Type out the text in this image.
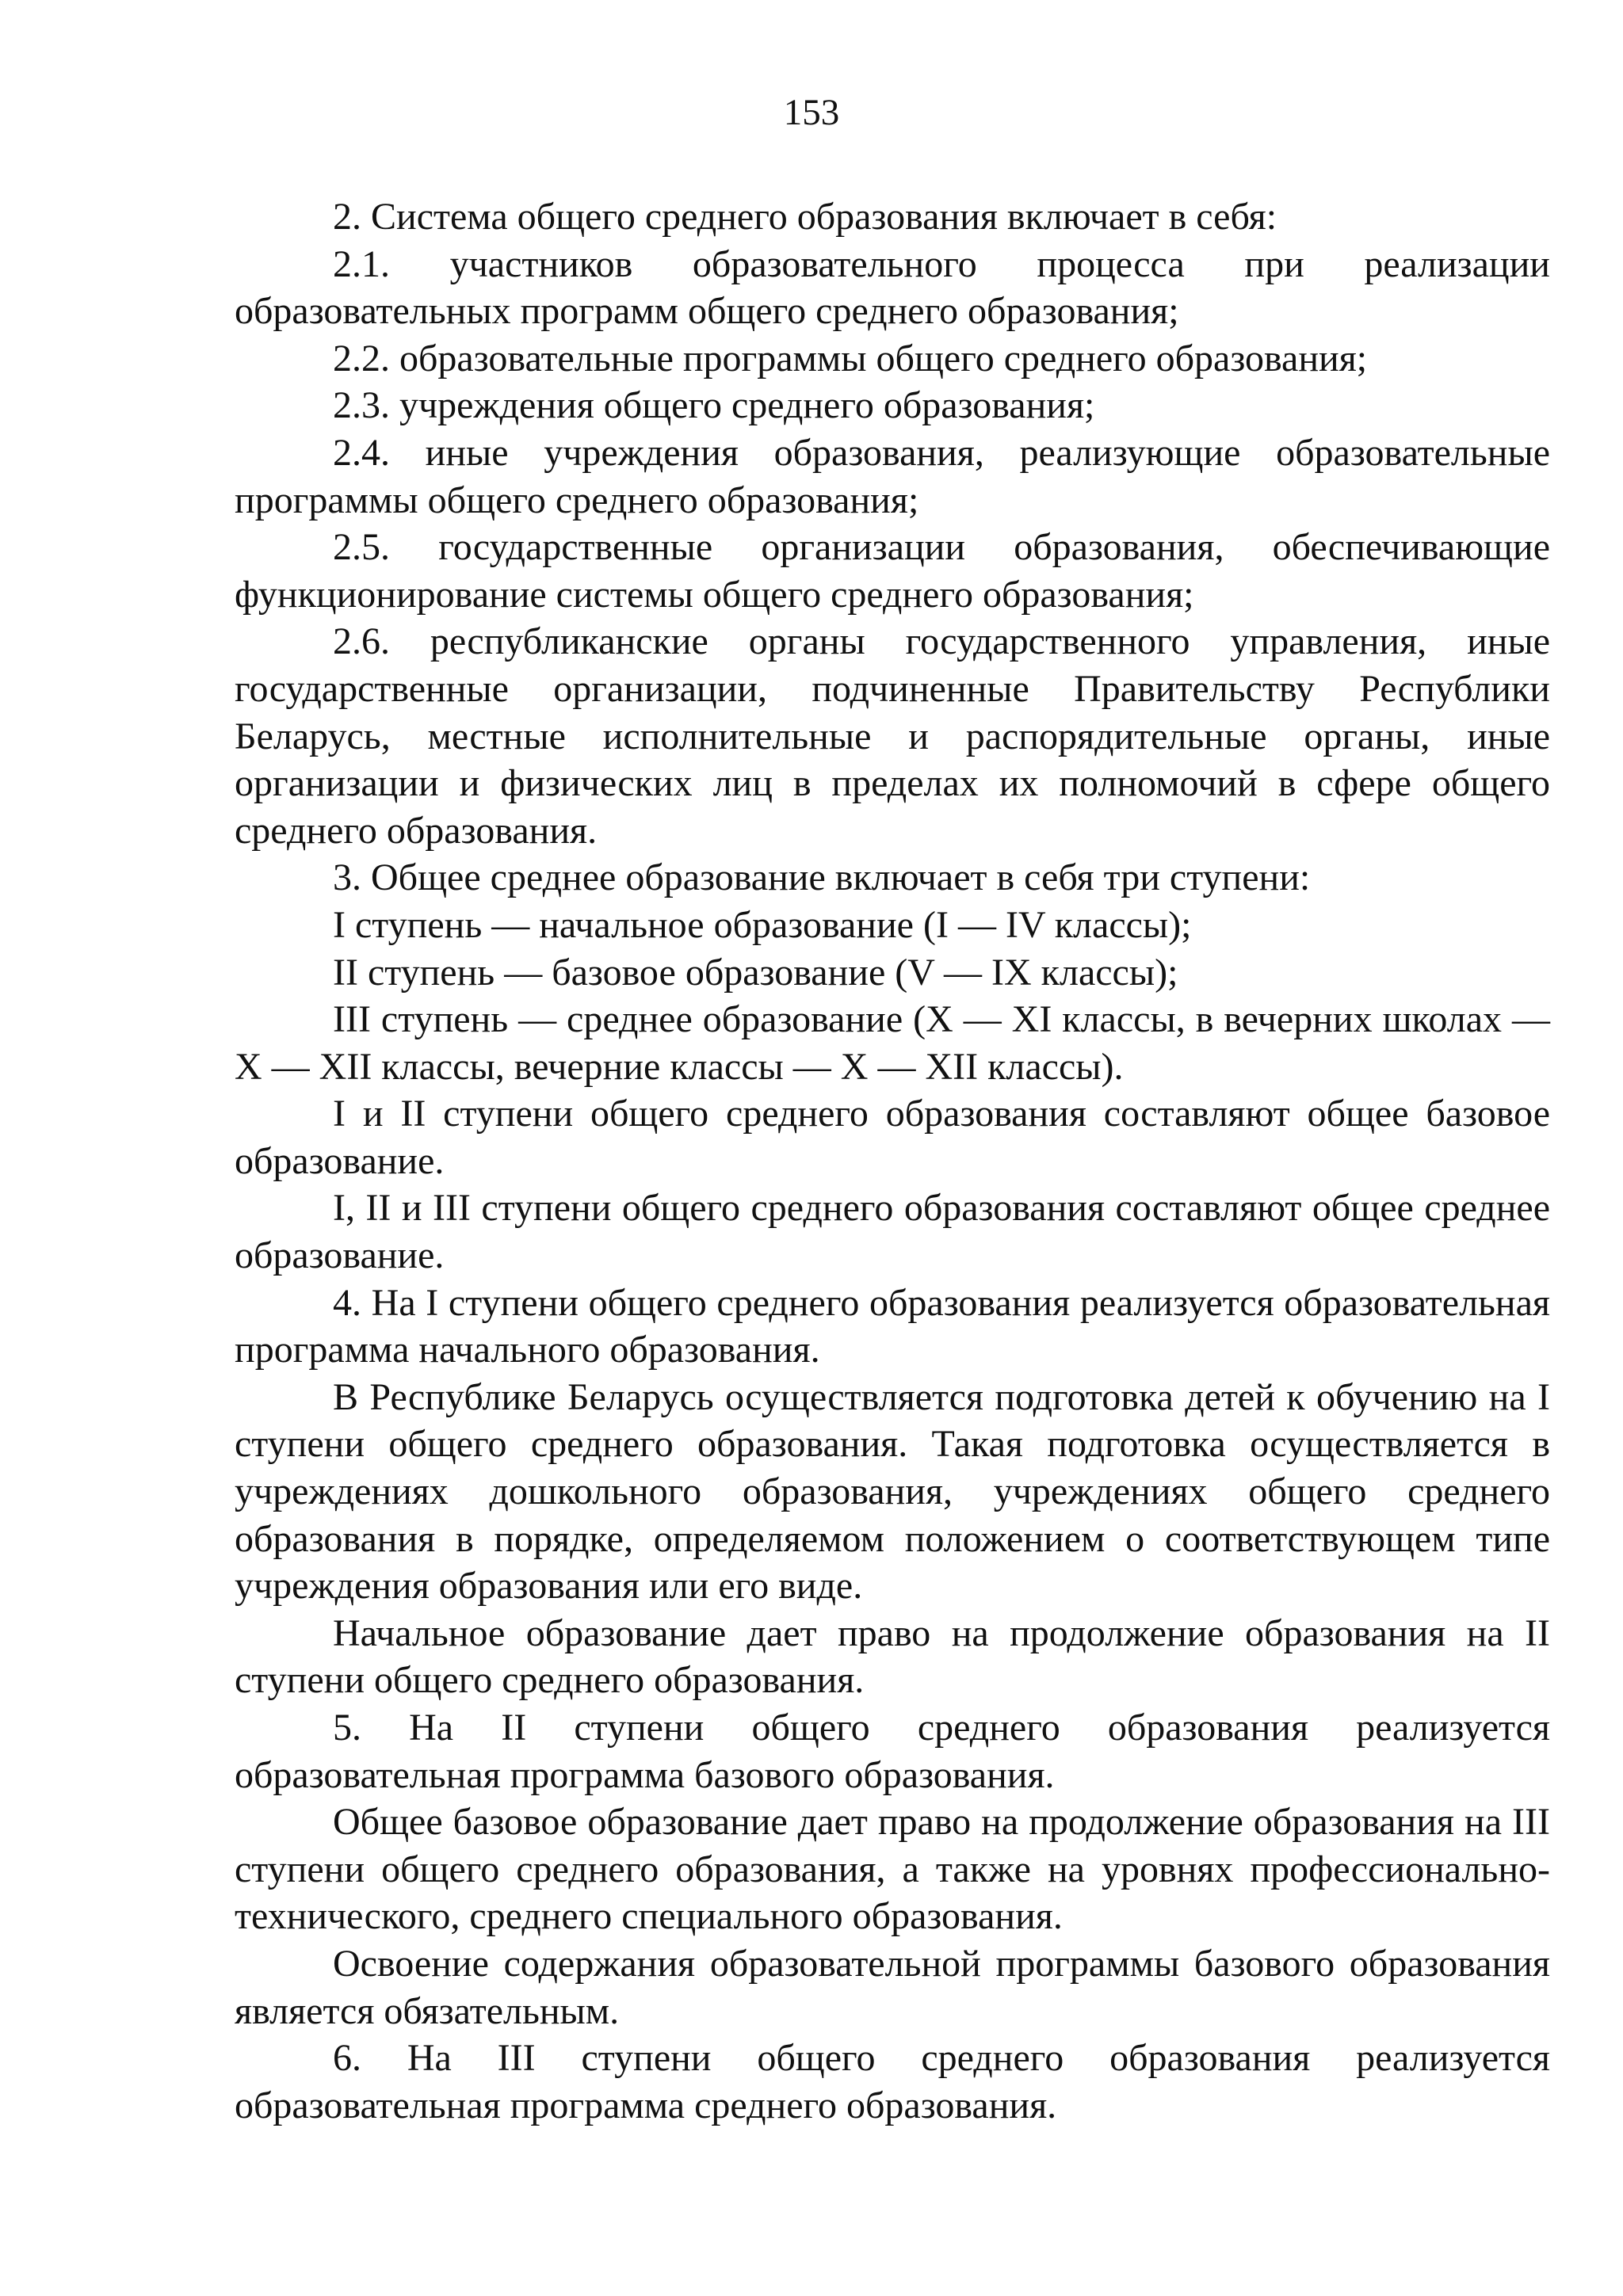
153

2. Система общего среднего образования включает в себя:

2.1. участников образовательного процесса при реализации образовательных программ общего среднего образования;

2.2. образовательные программы общего среднего образования;

2.3. учреждения общего среднего образования;

2.4. иные учреждения образования, реализующие образовательные программы общего среднего образования;

2.5. государственные организации образования, обеспечивающие функционирование системы общего среднего образования;

2.6. республиканские органы государственного управления, иные государственные организации, подчиненные Правительству Республики Беларусь, местные исполнительные и распорядительные органы, иные организации и физических лиц в пределах их полномочий в сфере общего среднего образования.

3. Общее среднее образование включает в себя три ступени:

I ступень — начальное образование (I — IV классы);

II ступень — базовое образование (V — IX классы);

III ступень — среднее образование (X — XI классы, в вечерних школах — X — XII классы, вечерние классы — X — XII классы).

I и II ступени общего среднего образования составляют общее базовое образование.

I, II и III ступени общего среднего образования составляют общее среднее образование.

4. На I ступени общего среднего образования реализуется образовательная программа начального образования.

В Республике Беларусь осуществляется подготовка детей к обучению на I ступени общего среднего образования. Такая подготовка осуществляется в учреждениях дошкольного образования, учреждениях общего среднего образования в порядке, определяемом положением о соответствующем типе учреждения образования или его виде.

Начальное образование дает право на продолжение образования на II ступени общего среднего образования.

5. На II ступени общего среднего образования реализуется образовательная программа базового образования.

Общее базовое образование дает право на продолжение образования на III ступени общего среднего образования, а также на уровнях профессионально-технического, среднего специального образования.

Освоение содержания образовательной программы базового образования является обязательным.

6. На III ступени общего среднего образования реализуется образовательная программа среднего образования.
